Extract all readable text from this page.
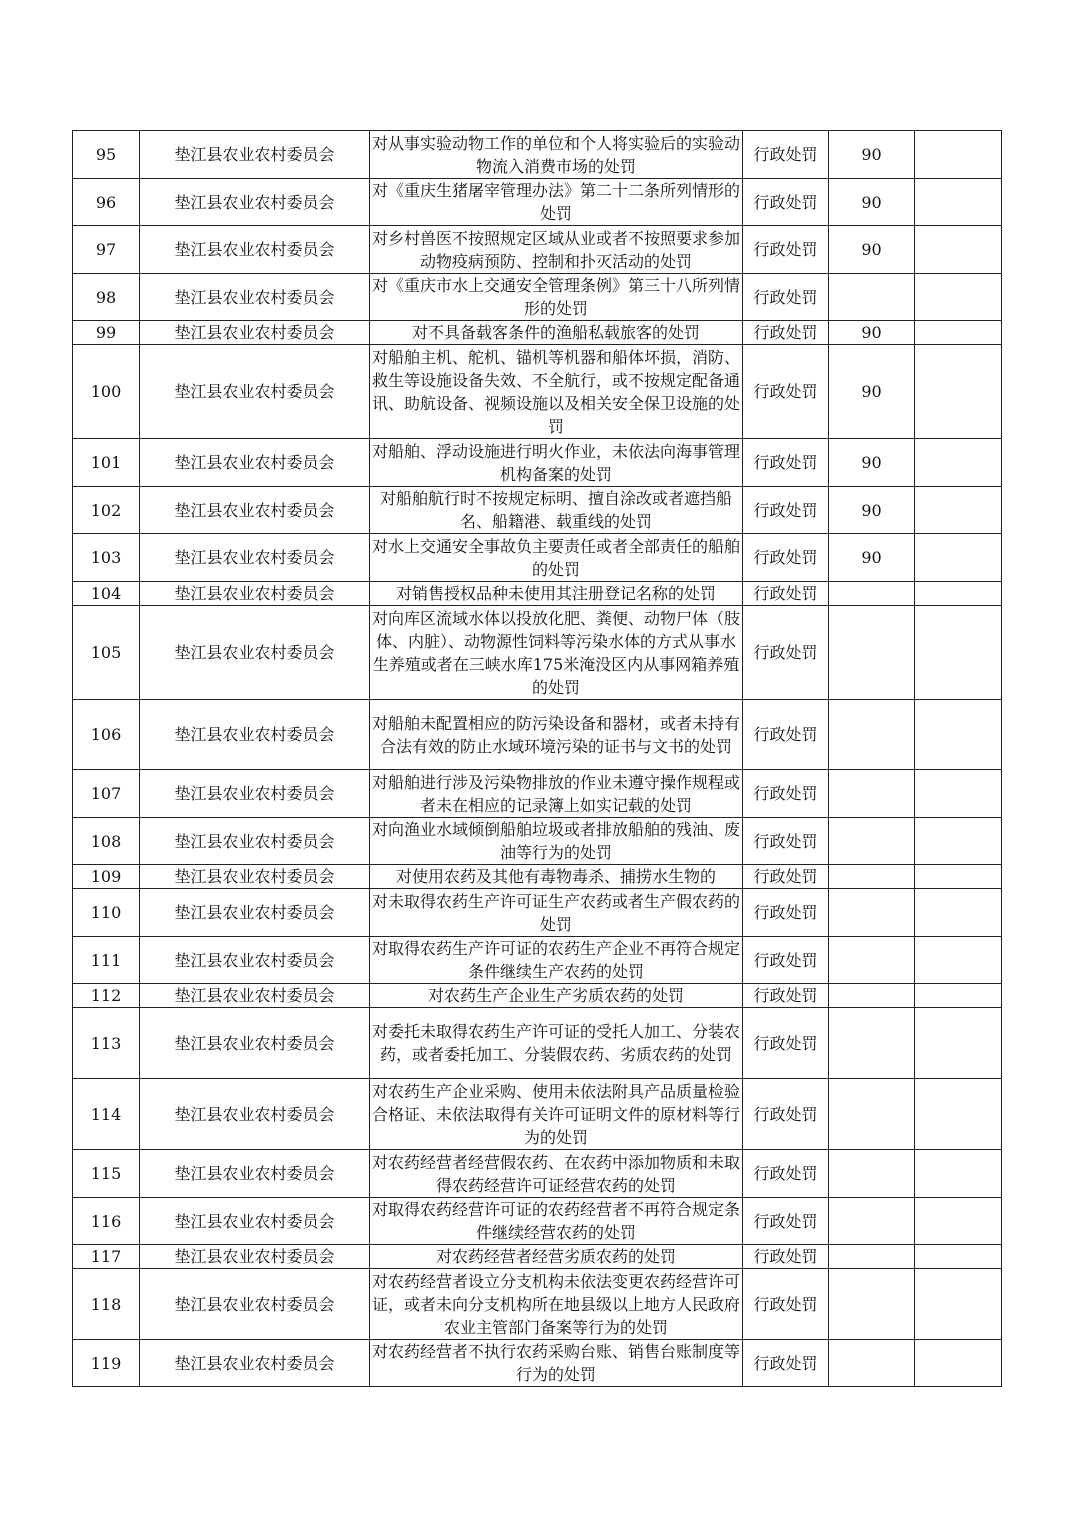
95	垫江县农业农村委员会	对从事实验动物工作的单位和个人将实验后的实验动物流入消费市场的处罚	行政处罚	90	
96	垫江县农业农村委员会	对《重庆生猪屠宰管理办法》第二十二条所列情形的处罚	行政处罚	90	
97	垫江县农业农村委员会	对乡村兽医不按照规定区域从业或者不按照要求参加动物疫病预防、控制和扑灭活动的处罚	行政处罚	90	
98	垫江县农业农村委员会	对《重庆市水上交通安全管理条例》第三十八所列情形的处罚	行政处罚		
99	垫江县农业农村委员会	对不具备载客条件的渔船私载旅客的处罚	行政处罚	90	
100	垫江县农业农村委员会	对船舶主机、舵机、锚机等机器和船体坏损，消防、救生等设施设备失效、不全航行，或不按规定配备通讯、助航设备、视频设施以及相关安全保卫设施的处罚	行政处罚	90	
101	垫江县农业农村委员会	对船舶、浮动设施进行明火作业，未依法向海事管理机构备案的处罚	行政处罚	90	
102	垫江县农业农村委员会	对船舶航行时不按规定标明、擅自涂改或者遮挡船名、船籍港、载重线的处罚	行政处罚	90	
103	垫江县农业农村委员会	对水上交通安全事故负主要责任或者全部责任的船舶的处罚	行政处罚	90	
104	垫江县农业农村委员会	对销售授权品种未使用其注册登记名称的处罚	行政处罚		
105	垫江县农业农村委员会	对向库区流域水体以投放化肥、粪便、动物尸体（肢体、内脏）、动物源性饲料等污染水体的方式从事水生养殖或者在三峡水库175米淹没区内从事网箱养殖的处罚	行政处罚		
106	垫江县农业农村委员会	对船舶未配置相应的防污染设备和器材，或者未持有合法有效的防止水域环境污染的证书与文书的处罚	行政处罚		
107	垫江县农业农村委员会	对船舶进行涉及污染物排放的作业未遵守操作规程或者未在相应的记录簿上如实记载的处罚	行政处罚		
108	垫江县农业农村委员会	对向渔业水域倾倒船舶垃圾或者排放船舶的残油、废油等行为的处罚	行政处罚		
109	垫江县农业农村委员会	对使用农药及其他有毒物毒杀、捕捞水生物的	行政处罚		
110	垫江县农业农村委员会	对未取得农药生产许可证生产农药或者生产假农药的处罚	行政处罚		
111	垫江县农业农村委员会	对取得农药生产许可证的农药生产企业不再符合规定条件继续生产农药的处罚	行政处罚		
112	垫江县农业农村委员会	对农药生产企业生产劣质农药的处罚	行政处罚		
113	垫江县农业农村委员会	对委托未取得农药生产许可证的受托人加工、分装农药，或者委托加工、分装假农药、劣质农药的处罚	行政处罚		
114	垫江县农业农村委员会	对农药生产企业采购、使用未依法附具产品质量检验合格证、未依法取得有关许可证明文件的原材料等行为的处罚	行政处罚		
115	垫江县农业农村委员会	对农药经营者经营假农药、在农药中添加物质和未取得农药经营许可证经营农药的处罚	行政处罚		
116	垫江县农业农村委员会	对取得农药经营许可证的农药经营者不再符合规定条件继续经营农药的处罚	行政处罚		
117	垫江县农业农村委员会	对农药经营者经营劣质农药的处罚	行政处罚		
118	垫江县农业农村委员会	对农药经营者设立分支机构未依法变更农药经营许可证，或者未向分支机构所在地县级以上地方人民政府农业主管部门备案等行为的处罚	行政处罚		
119	垫江县农业农村委员会	对农药经营者不执行农药采购台账、销售台账制度等行为的处罚	行政处罚		
